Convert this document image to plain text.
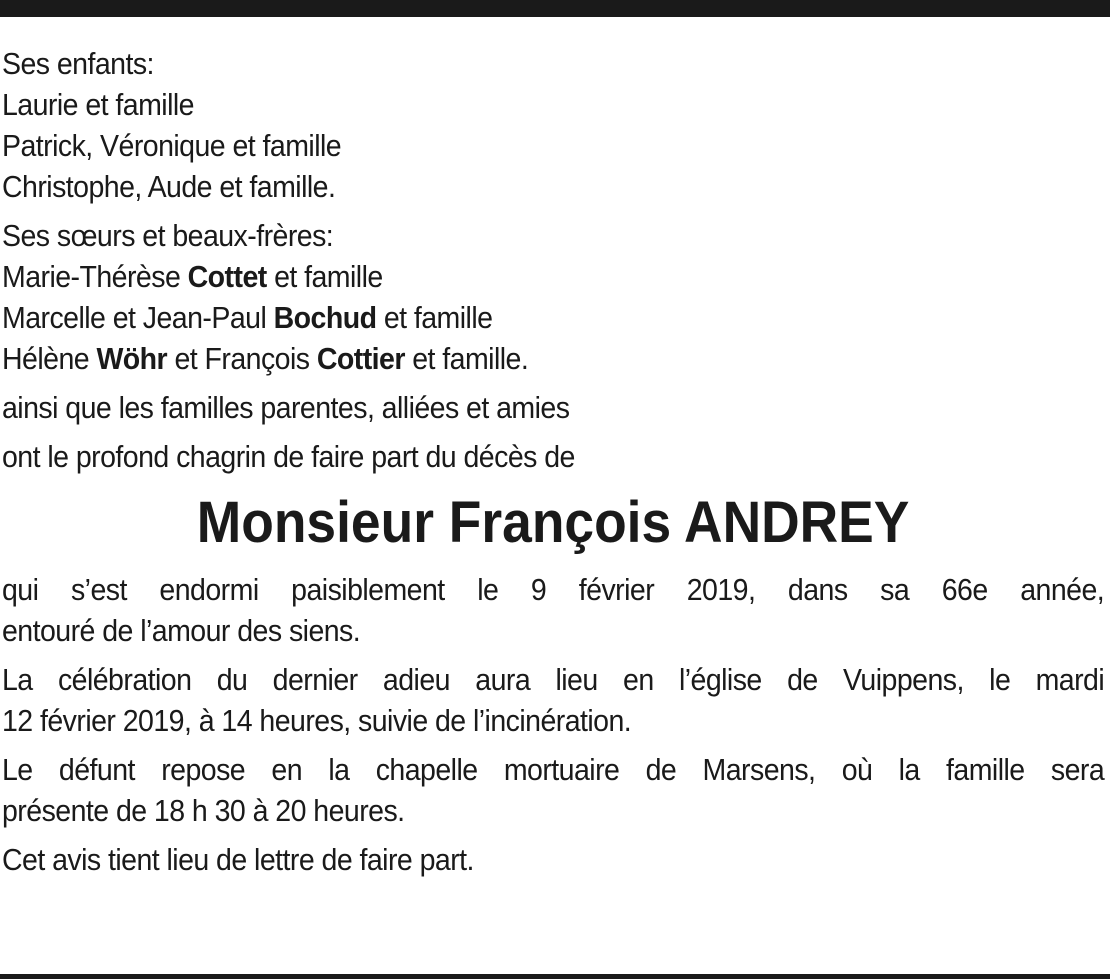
Ses enfants:
Laurie et famille
Patrick, Véronique et famille
Christophe, Aude et famille.
Ses sœurs et beaux-frères:
Marie-Thérèse Cottet et famille
Marcelle et Jean-Paul Bochud et famille
Hélène Wöhr et François Cottier et famille.
ainsi que les familles parentes, alliées et amies
ont le profond chagrin de faire part du décès de
Monsieur François ANDREY
qui s’est endormi paisiblement le 9 février 2019, dans sa 66e année,
entouré de l’amour des siens.
La célébration du dernier adieu aura lieu en l’église de Vuippens, le mardi
12 février 2019, à 14 heures, suivie de l’incinération.
Le défunt repose en la chapelle mortuaire de Marsens, où la famille sera
présente de 18 h 30 à 20 heures.
Cet avis tient lieu de lettre de faire part.
